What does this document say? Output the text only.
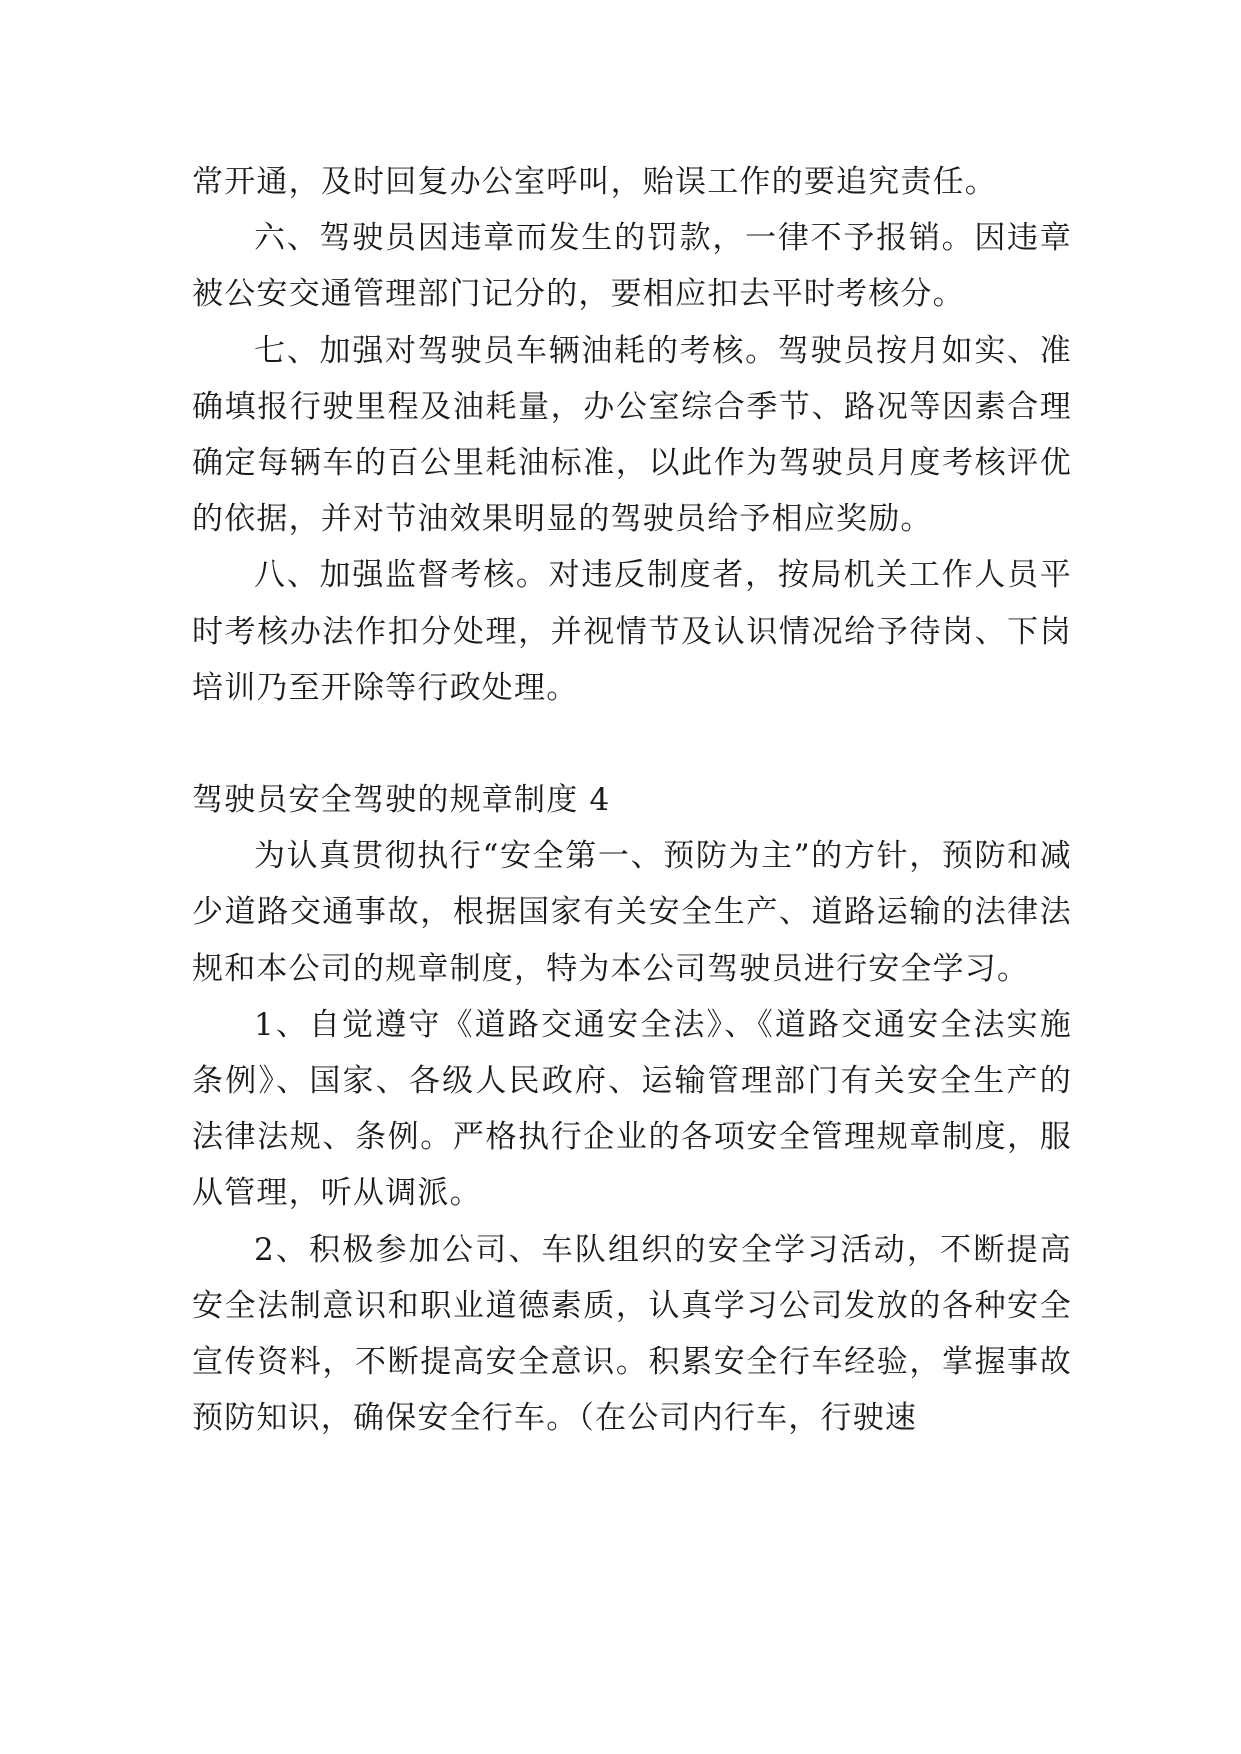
常开通，及时回复办公室呼叫，贻误工作的要追究责任。

六、驾驶员因违章而发生的罚款，一律不予报销。因违章被公安交通管理部门记分的，要相应扣去平时考核分。

七、加强对驾驶员车辆油耗的考核。驾驶员按月如实、准确填报行驶里程及油耗量，办公室综合季节、路况等因素合理确定每辆车的百公里耗油标准，以此作为驾驶员月度考核评优的依据，并对节油效果明显的驾驶员给予相应奖励。

八、加强监督考核。对违反制度者，按局机关工作人员平时考核办法作扣分处理，并视情节及认识情况给予待岗、下岗培训乃至开除等行政处理。

驾驶员安全驾驶的规章制度 4

为认真贯彻执行“安全第一、预防为主”的方针，预防和减少道路交通事故，根据国家有关安全生产、道路运输的法律法规和本公司的规章制度，特为本公司驾驶员进行安全学习。

1、自觉遵守《道路交通安全法》、《道路交通安全法实施条例》、国家、各级人民政府、运输管理部门有关安全生产的法律法规、条例。严格执行企业的各项安全管理规章制度，服从管理，听从调派。

2、积极参加公司、车队组织的安全学习活动，不断提高安全法制意识和职业道德素质，认真学习公司发放的各种安全宣传资料，不断提高安全意识。积累安全行车经验，掌握事故预防知识，确保安全行车。（在公司内行车，行驶速
